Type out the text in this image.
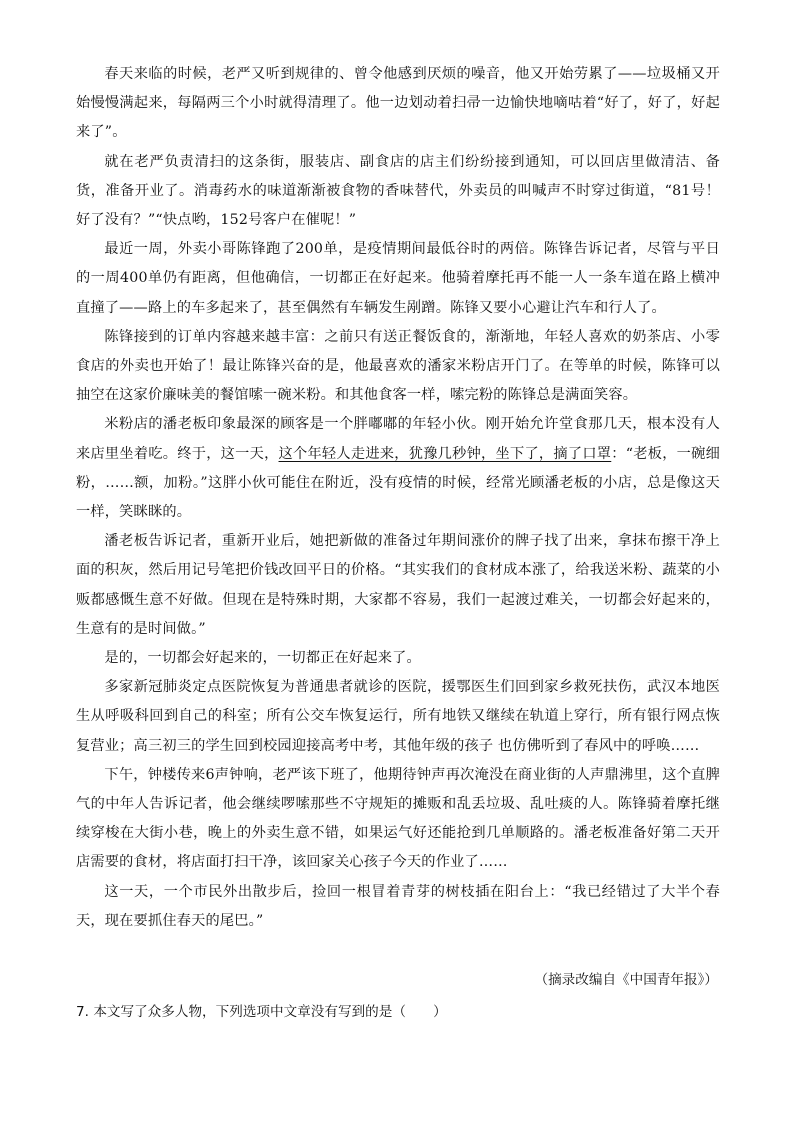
春天来临的时候，老严又听到规律的、曾令他感到厌烦的噪音，他又开始劳累了——垃圾桶又开始慢慢满起来，每隔两三个小时就得清理了。他一边划动着扫帚一边愉快地嘀咕着“好了，好了，好起来了”。

就在老严负责清扫的这条街，服装店、副食店的店主们纷纷接到通知，可以回店里做清洁、备货，准备开业了。消毒药水的味道渐渐被食物的香味替代，外卖员的叫喊声不时穿过街道，“81号！好了没有？”“快点哟，152号客户在催呢！”

最近一周，外卖小哥陈锋跑了200单，是疫情期间最低谷时的两倍。陈锋告诉记者，尽管与平日的一周400单仍有距离，但他确信，一切都正在好起来。他骑着摩托再不能一人一条车道在路上横冲直撞了——路上的车多起来了，甚至偶然有车辆发生剐蹭。陈锋又要小心避让汽车和行人了。

陈锋接到的订单内容越来越丰富：之前只有送正餐饭食的，渐渐地，年轻人喜欢的奶茶店、小零食店的外卖也开始了！最让陈锋兴奋的是，他最喜欢的潘家米粉店开门了。在等单的时候，陈锋可以抽空在这家价廉味美的餐馆嗦一碗米粉。和其他食客一样，嗦完粉的陈锋总是满面笑容。

米粉店的潘老板印象最深的顾客是一个胖嘟嘟的年轻小伙。刚开始允许堂食那几天，根本没有人来店里坐着吃。终于，这一天，这个年轻人走进来，犹豫几秒钟，坐下了，摘了口罩：“老板，一碗细粉，……额，加粉。”这胖小伙可能住在附近，没有疫情的时候，经常光顾潘老板的小店，总是像这天一样，笑眯眯的。

潘老板告诉记者，重新开业后，她把新做的准备过年期间涨价的牌子找了出来，拿抹布擦干净上面的积灰，然后用记号笔把价钱改回平日的价格。“其实我们的食材成本涨了，给我送米粉、蔬菜的小贩都感慨生意不好做。但现在是特殊时期，大家都不容易，我们一起渡过难关，一切都会好起来的，生意有的是时间做。”

是的，一切都会好起来的，一切都正在好起来了。

多家新冠肺炎定点医院恢复为普通患者就诊的医院，援鄂医生们回到家乡救死扶伤，武汉本地医生从呼吸科回到自己的科室；所有公交车恢复运行，所有地铁又继续在轨道上穿行，所有银行网点恢复营业；高三初三的学生回到校园迎接高考中考，其他年级的孩子 也仿佛听到了春风中的呼唤……

下午，钟楼传来6声钟响，老严该下班了，他期待钟声再次淹没在商业街的人声鼎沸里，这个直脾气的中年人告诉记者，他会继续啰嗦那些不守规矩的摊贩和乱丢垃圾、乱吐痰的人。陈锋骑着摩托继续穿梭在大街小巷，晚上的外卖生意不错，如果运气好还能抢到几单顺路的。潘老板准备好第二天开店需要的食材，将店面打扫干净，该回家关心孩子今天的作业了……

这一天，一个市民外出散步后，捡回一根冒着青芽的树枝插在阳台上：“我已经错过了大半个春天，现在要抓住春天的尾巴。”

（摘录改编自《中国青年报》）
7. 本文写了众多人物，下列选项中文章没有写到的是（　　）
